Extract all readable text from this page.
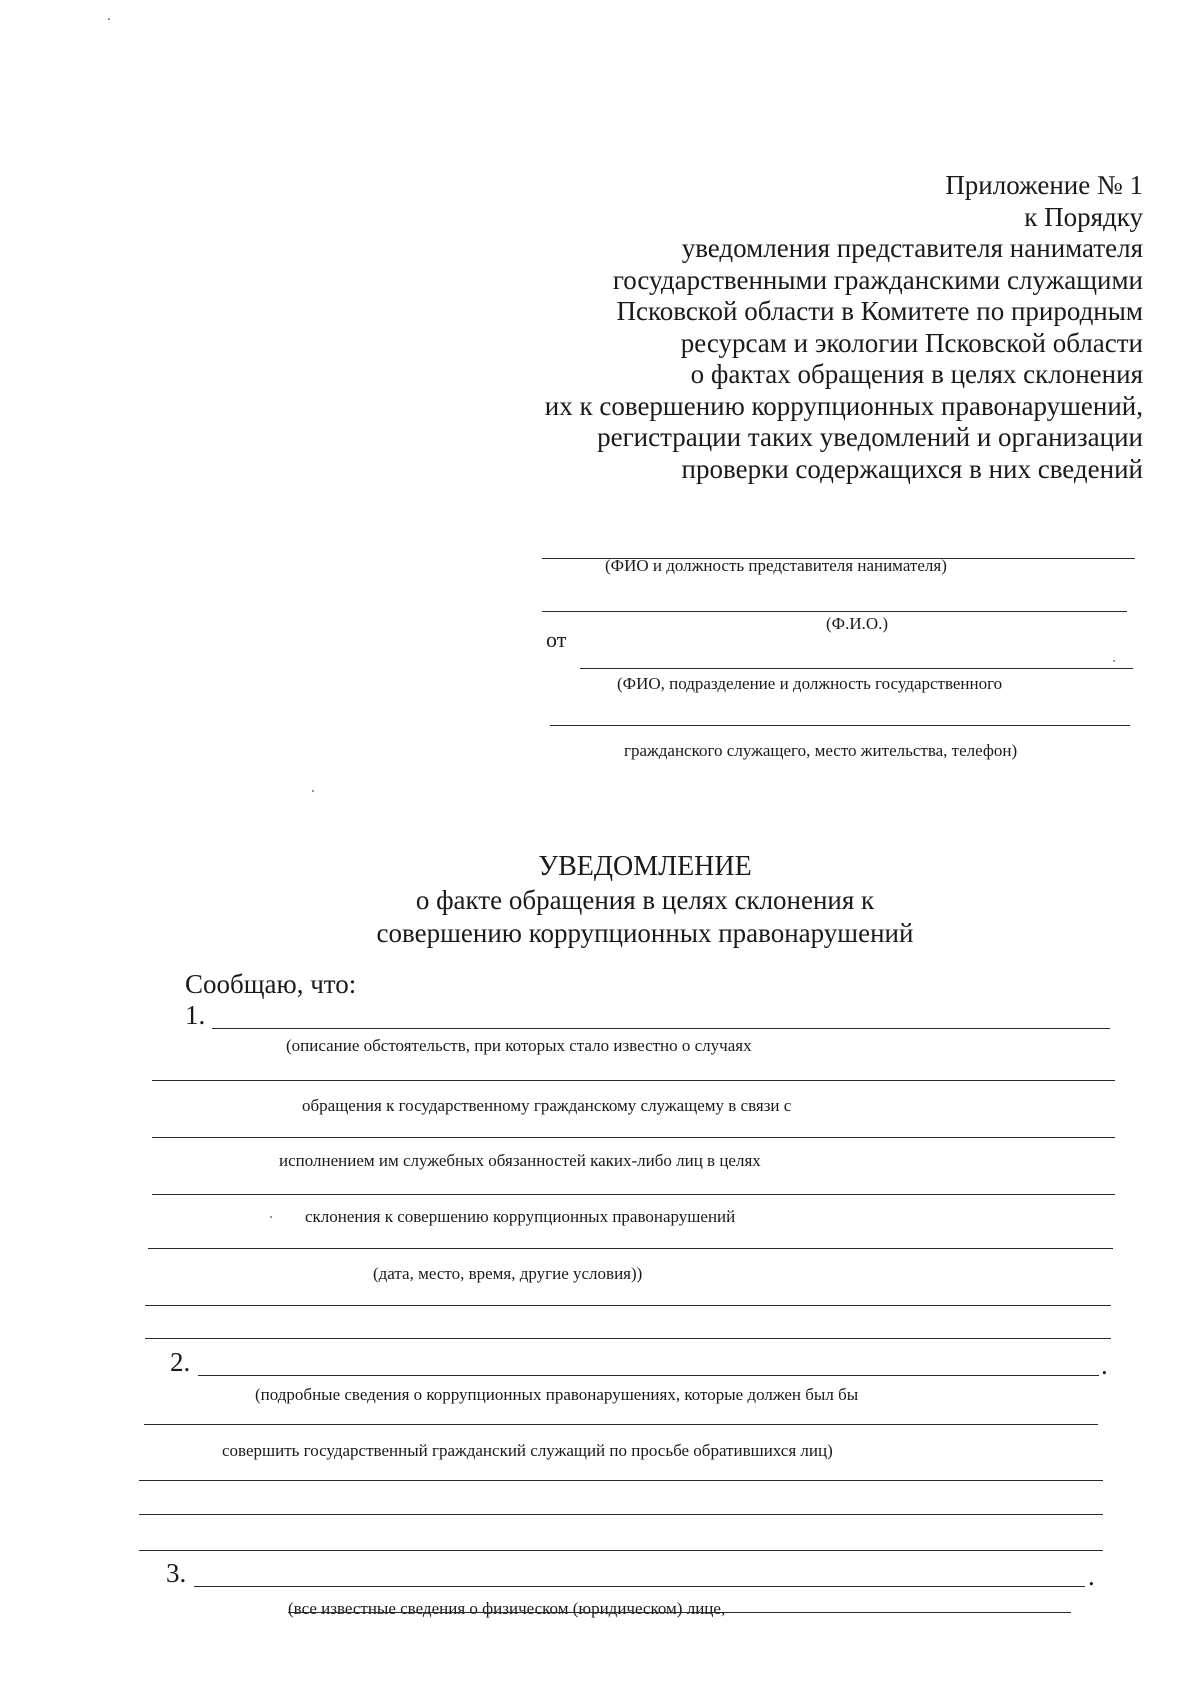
Приложение № 1
к Порядку
уведомления представителя нанимателя
государственными гражданскими служащими
Псковской области в Комитете по природным
ресурсам и экологии Псковской области
о фактах обращения в целях склонения
их к совершению коррупционных правонарушений,
регистрации таких уведомлений и организации
проверки содержащихся в них сведений
(ФИО и должность представителя нанимателя)
(Ф.И.О.)
от
(ФИО, подразделение и должность государственного
гражданского служащего, место жительства, телефон)
УВЕДОМЛЕНИЕ
о факте обращения в целях склонения к
совершению коррупционных правонарушений
Сообщаю, что:
1.
(описание обстоятельств, при которых стало известно о случаях
обращения к государственному гражданскому служащему в связи с
исполнением им служебных обязанностей каких-либо лиц в целях
склонения к совершению коррупционных правонарушений
(дата, место, время, другие условия))
2.	.
(подробные сведения о коррупционных правонарушениях, которые должен был бы
совершить государственный гражданский служащий по просьбе обратившихся лиц)
3.	.
(все известные сведения о физическом (юридическом) лице,
